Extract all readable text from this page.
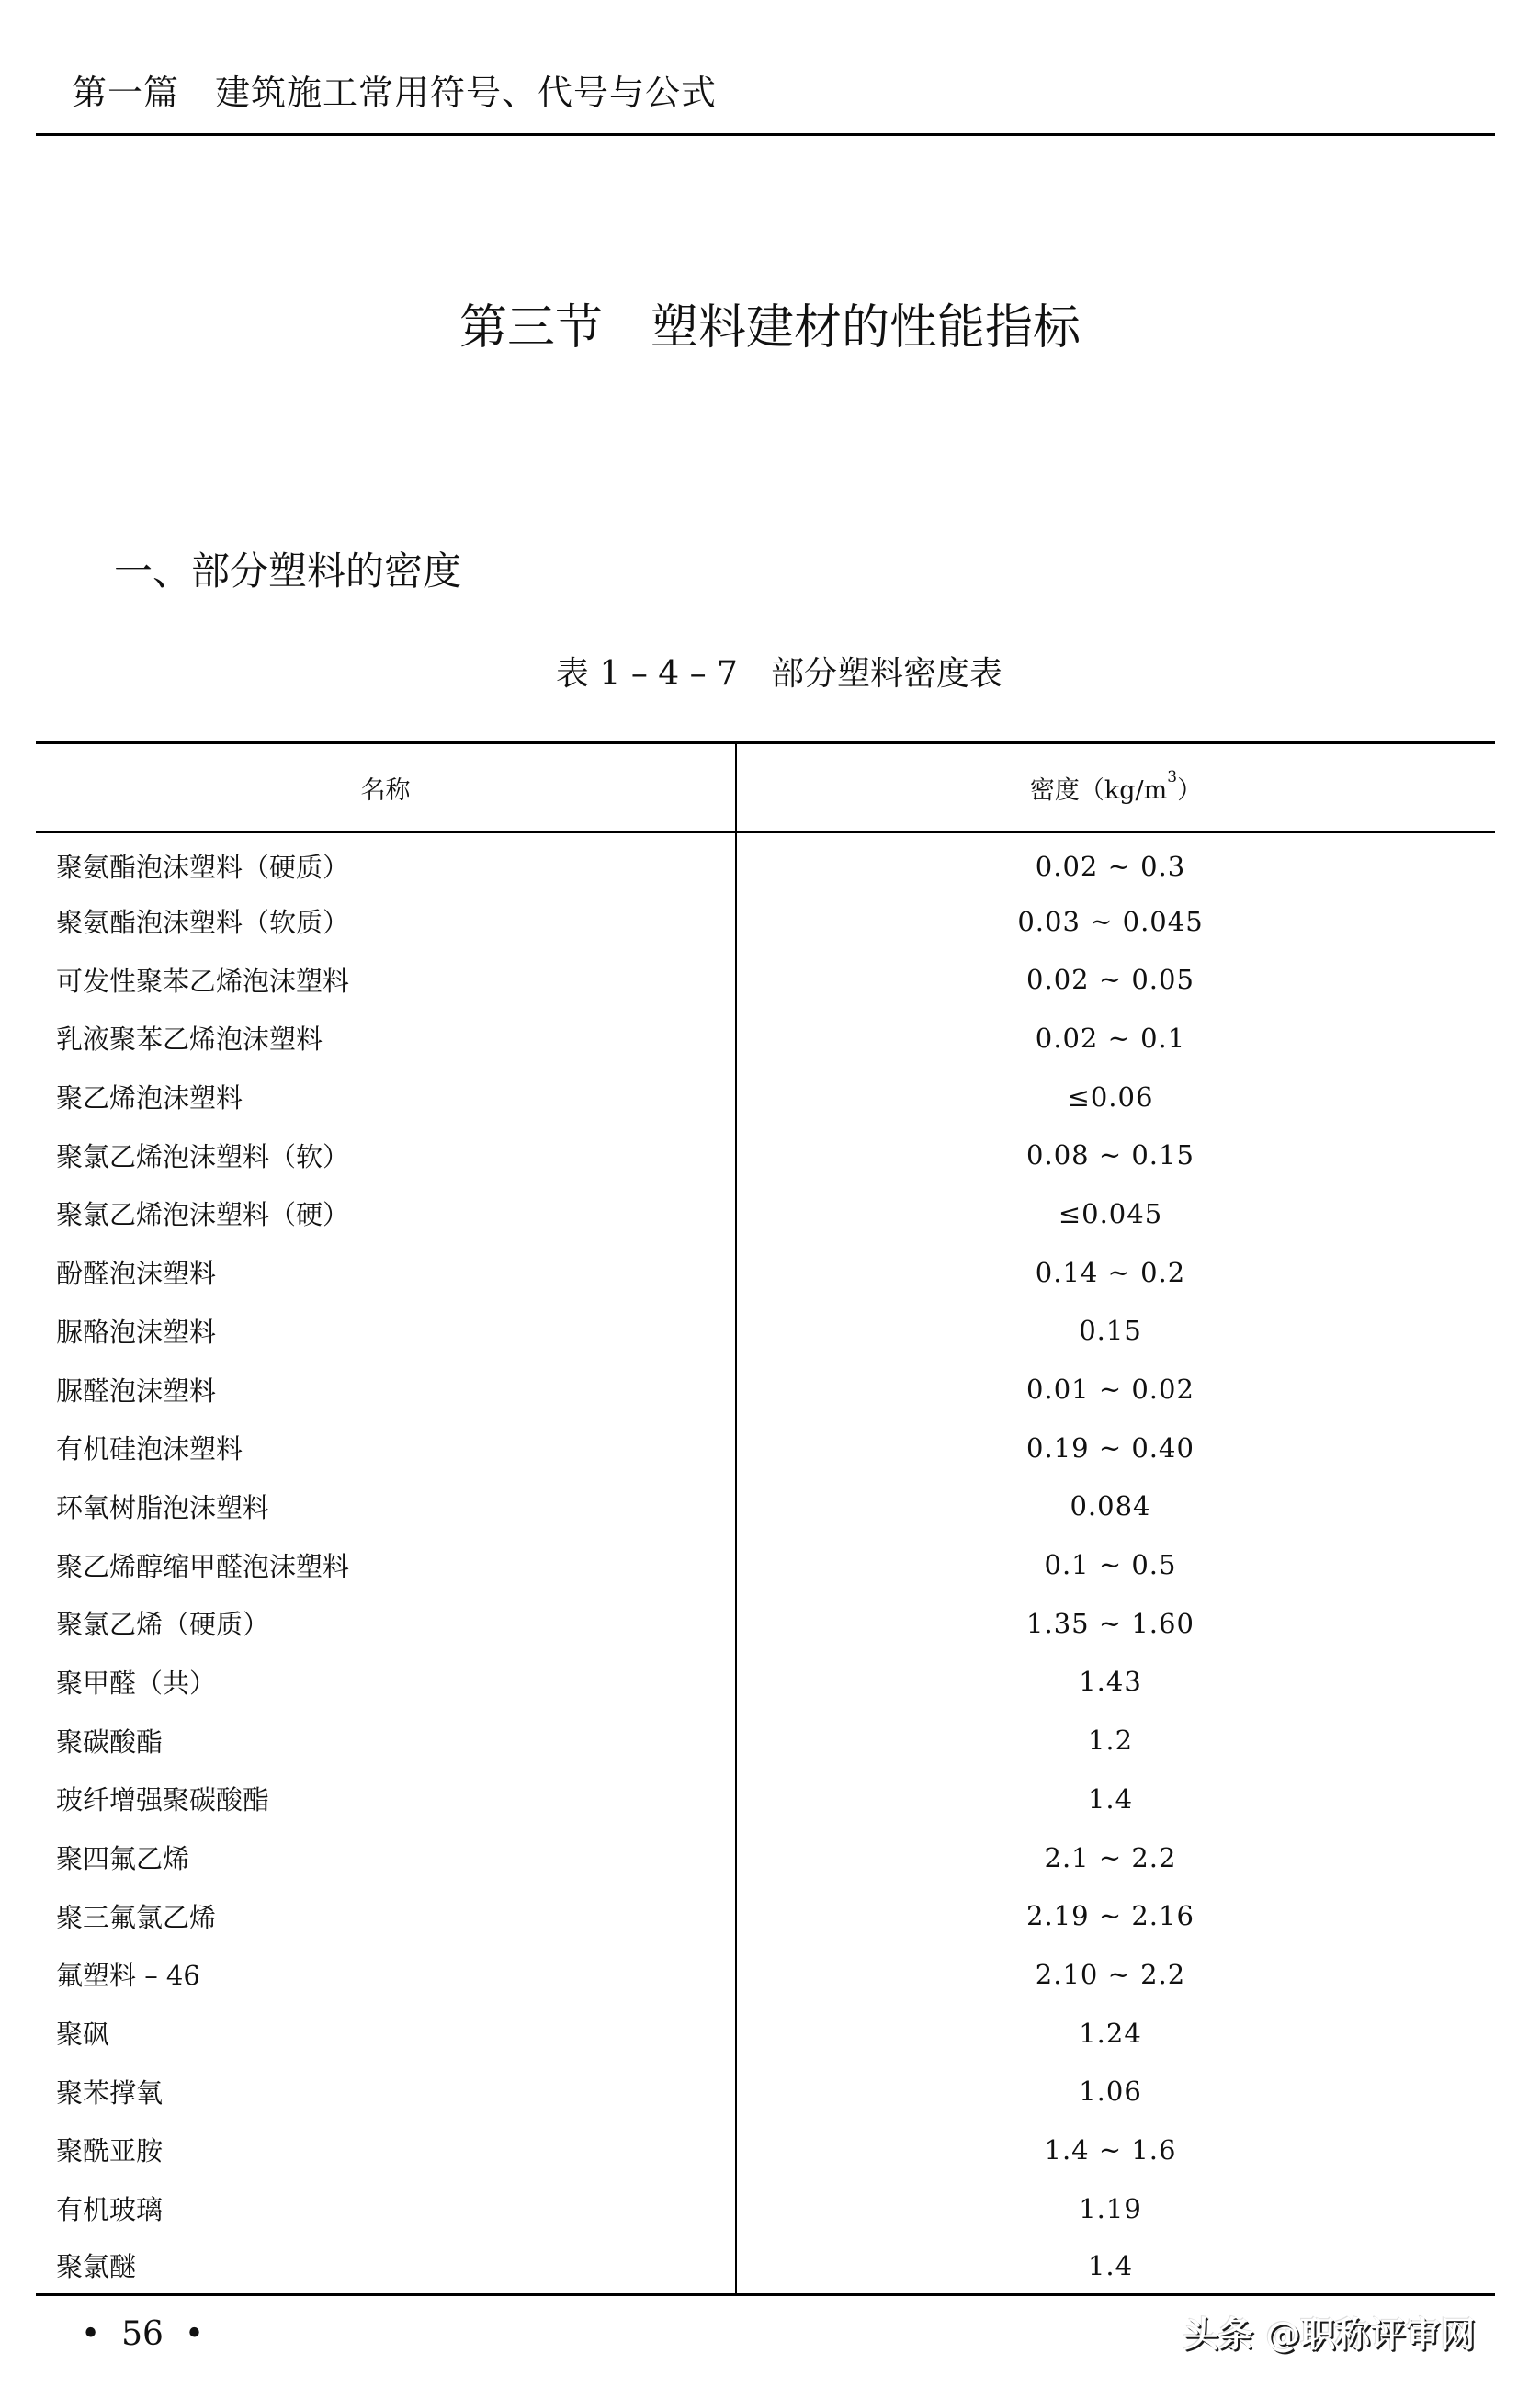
第一篇　建筑施工常用符号、代号与公式
第三节　塑料建材的性能指标
一、部分塑料的密度
表 1 – 4 – 7　部分塑料密度表
名称	密度$(kg/m^3)$
聚氨酯泡沫塑料（硬质）	0.02 ~ 0.3
聚氨酯泡沫塑料（软质）	0.03 ~ 0.045
可发性聚苯乙烯泡沫塑料	0.02 ~ 0.05
乳液聚苯乙烯泡沫塑料	0.02 ~ 0.1
聚乙烯泡沫塑料	≤0.06
聚氯乙烯泡沫塑料（软）	0.08 ~ 0.15
聚氯乙烯泡沫塑料（硬）	≤0.045
酚醛泡沫塑料	0.14 ~ 0.2
脲酪泡沫塑料	0.15
脲醛泡沫塑料	0.01 ~ 0.02
有机硅泡沫塑料	0.19 ~ 0.40
环氧树脂泡沫塑料	0.084
聚乙烯醇缩甲醛泡沫塑料	0.1 ~ 0.5
聚氯乙烯（硬质）	1.35 ~ 1.60
聚甲醛（共）	1.43
聚碳酸酯	1.2
玻纤增强聚碳酸酯	1.4
聚四氟乙烯	2.1 ~ 2.2
聚三氟氯乙烯	2.19 ~ 2.16
氟塑料 – 46	2.10 ~ 2.2
聚砜	1.24
聚苯撑氧	1.06
聚酰亚胺	1.4 ~ 1.6
有机玻璃	1.19
聚氯醚	1.4
•  56  •	头条 @职称评审网
